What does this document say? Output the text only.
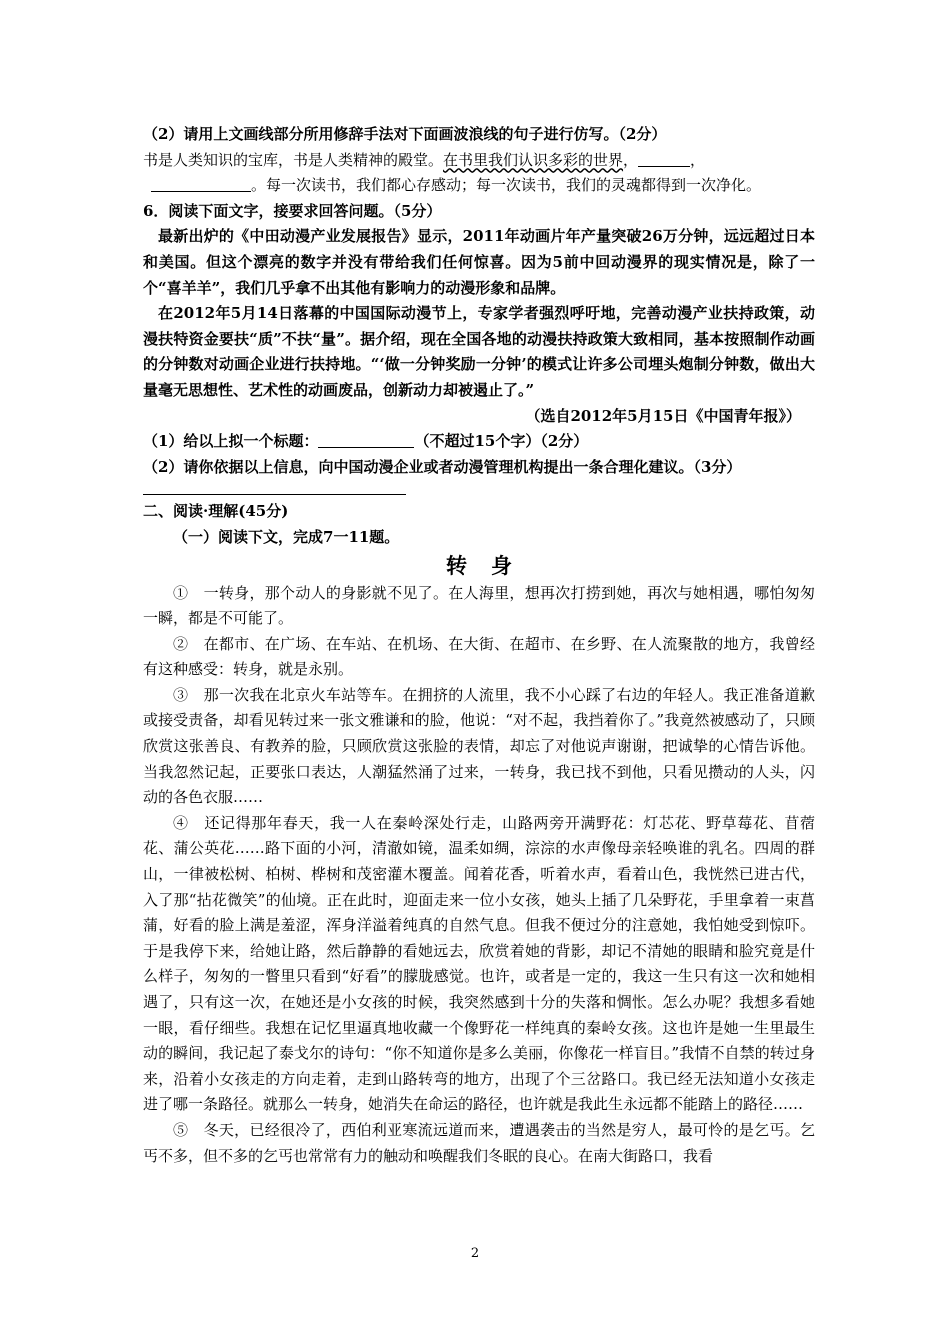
（2）请用上文画线部分所用修辞手法对下面画波浪线的句子进行仿写。（2分）

书是人类知识的宝库，书是人类精神的殿堂。在书里我们认识多彩的世界，	，

。每一次读书，我们都心存感动；每一次读书，我们的灵魂都得到一次净化。

6．阅读下面文字，接要求回答问题。（5分）

最新出炉的《中田动漫产业发展报告》显示，2011年动画片年产量突破26万分钟，远远超过日本和美国。但这个漂亮的数字并没有带给我们任何惊喜。因为5前中回动漫界的现实情况是，除了一个“喜羊羊”，我们几乎拿不出其他有影响力的动漫形象和品牌。

在2012年5月14日落幕的中国国际动漫节上，专家学者强烈呼吁地，完善动漫产业扶持政策，动漫扶特资金要扶“质”不扶“量”。据介绍，现在全国各地的动漫扶持政策大致相同，基本按照制作动画的分钟数对动画企业进行扶持地。“‘做一分钟奖励一分钟’的模式让许多公司埋头炮制分钟数，做出大量毫无思想性、艺术性的动画废品，创新动力却被遏止了。”

（选自2012年5月15日《中国青年报》）

（1）给以上拟一个标题：	（不超过15个字）（2分）

（2）请你依据以上信息，向中国动漫企业或者动漫管理机构提出一条合理化建议。（3分）

二、阅读·理解(45分)

（一）阅读下文，完成7一11题。

转身

①　一转身，那个动人的身影就不见了。在人海里，想再次打捞到她，再次与她相遇，哪怕匆匆一瞬，都是不可能了。

②　在都市、在广场、在车站、在机场、在大街、在超市、在乡野、在人流聚散的地方，我曾经有这种感受：转身，就是永别。

③　那一次我在北京火车站等车。在拥挤的人流里，我不小心踩了右边的年轻人。我正准备道歉或接受责备，却看见转过来一张文雅谦和的脸，他说：“对不起，我挡着你了。”我竟然被感动了，只顾欣赏这张善良、有教养的脸，只顾欣赏这张脸的表情，却忘了对他说声谢谢，把诚挚的心情告诉他。当我忽然记起，正要张口表达，人潮猛然涌了过来，一转身，我已找不到他，只看见攒动的人头，闪动的各色衣服……

④　还记得那年春天，我一人在秦岭深处行走，山路两旁开满野花：灯芯花、野草莓花、苜蓿花、蒲公英花……路下面的小河，清澈如镜，温柔如绸，淙淙的水声像母亲轻唤谁的乳名。四周的群山，一律被松树、柏树、桦树和茂密灌木覆盖。闻着花香，听着水声，看着山色，我恍然已进古代，入了那“拈花微笑”的仙境。正在此时，迎面走来一位小女孩，她头上插了几朵野花，手里拿着一束菖蒲，好看的脸上满是羞涩，浑身洋溢着纯真的自然气息。但我不便过分的注意她，我怕她受到惊吓。于是我停下来，给她让路，然后静静的看她远去，欣赏着她的背影，却记不清她的眼睛和脸究竟是什么样子，匆匆的一瞥里只看到“好看”的朦胧感觉。也许，或者是一定的，我这一生只有这一次和她相遇了，只有这一次，在她还是小女孩的时候，我突然感到十分的失落和惆怅。怎么办呢？我想多看她一眼，看仔细些。我想在记忆里逼真地收藏一个像野花一样纯真的秦岭女孩。这也许是她一生里最生动的瞬间，我记起了泰戈尔的诗句：“你不知道你是多么美丽，你像花一样盲目。”我情不自禁的转过身来，沿着小女孩走的方向走着，走到山路转弯的地方，出现了个三岔路口。我已经无法知道小女孩走进了哪一条路径。就那么一转身，她消失在命运的路径，也许就是我此生永远都不能踏上的路径……

⑤　冬天，已经很冷了，西伯利亚寒流远道而来，遭遇袭击的当然是穷人，最可怜的是乞丐。乞丐不多，但不多的乞丐也常常有力的触动和唤醒我们冬眠的良心。在南大街路口，我看

2
